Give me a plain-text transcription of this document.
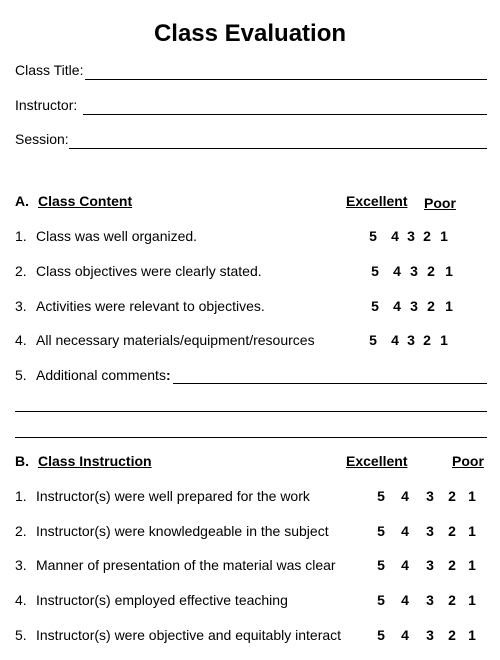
Class Evaluation
Class Title:
Instructor:
Session:
A. Class Content	Excellent Poor
1. Class was well organized.	5 4 3 2 1
2. Class objectives were clearly stated.	5 4 3 2 1
3. Activities were relevant to objectives.	5 4 3 2 1
4. All necessary materials/equipment/resources	5 4 3 2 1
5. Additional comments:
B. Class Instruction	Excellent	Poor
1. Instructor(s) were well prepared for the work	5 4 3 2 1
2. Instructor(s) were knowledgeable in the subject	5 4 3 2 1
3. Manner of presentation of the material was clear	5 4 3 2 1
4. Instructor(s) employed effective teaching	5 4 3 2 1
5. Instructor(s) were objective and equitably interact	5 4 3 2 1
